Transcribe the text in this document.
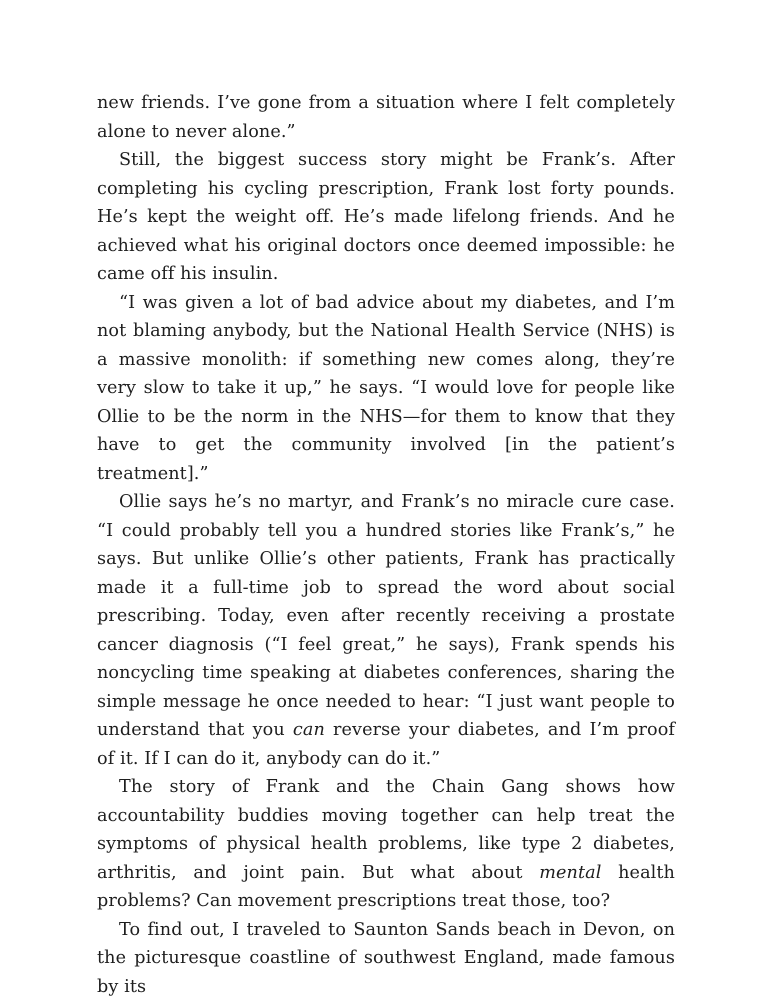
new friends. I’ve gone from a situation where I felt completely alone to never alone.”

Still, the biggest success story might be Frank’s. After completing his cycling prescription, Frank lost forty pounds. He’s kept the weight off. He’s made lifelong friends. And he achieved what his original doctors once deemed impossible: he came off his insulin.

“I was given a lot of bad advice about my diabetes, and I’m not blaming anybody, but the National Health Service (NHS) is a massive monolith: if something new comes along, they’re very slow to take it up,” he says. “I would love for people like Ollie to be the norm in the NHS—for them to know that they have to get the community involved [in the patient’s treatment].”

Ollie says he’s no martyr, and Frank’s no miracle cure case. “I could probably tell you a hundred stories like Frank’s,” he says. But unlike Ollie’s other patients, Frank has practically made it a full-time job to spread the word about social prescribing. Today, even after recently receiving a prostate cancer diagnosis (“I feel great,” he says), Frank spends his noncycling time speaking at diabetes conferences, sharing the simple message he once needed to hear: “I just want people to understand that you can reverse your diabetes, and I’m proof of it. If I can do it, anybody can do it.”

The story of Frank and the Chain Gang shows how accountability buddies moving together can help treat the symptoms of physical health problems, like type 2 diabetes, arthritis, and joint pain. But what about mental health problems? Can movement prescriptions treat those, too?

To find out, I traveled to Saunton Sands beach in Devon, on the picturesque coastline of southwest England, made famous by its
